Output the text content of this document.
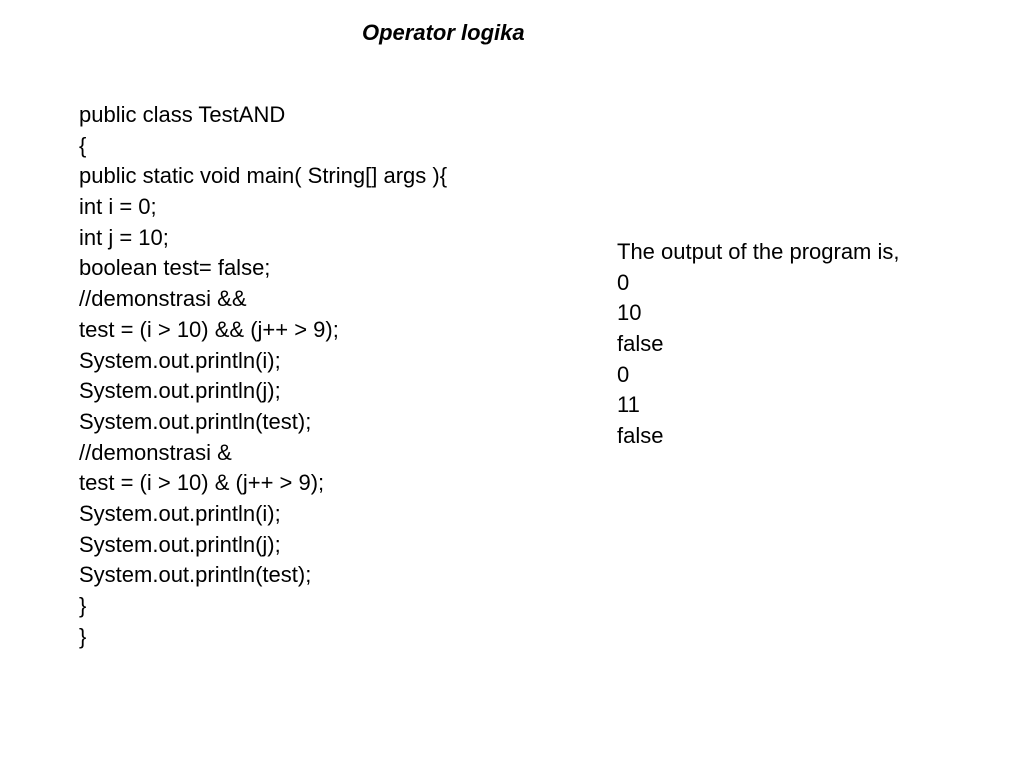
Operator logika
public class TestAND
{
public static void main( String[] args ){
int i = 0;
int j = 10;
boolean test= false;
//demonstrasi &&
test = (i > 10) && (j++ > 9);
System.out.println(i);
System.out.println(j);
System.out.println(test);
//demonstrasi &
test = (i > 10) & (j++ > 9);
System.out.println(i);
System.out.println(j);
System.out.println(test);
}
}
The output of the program is,
0
10
false
0
11
false
